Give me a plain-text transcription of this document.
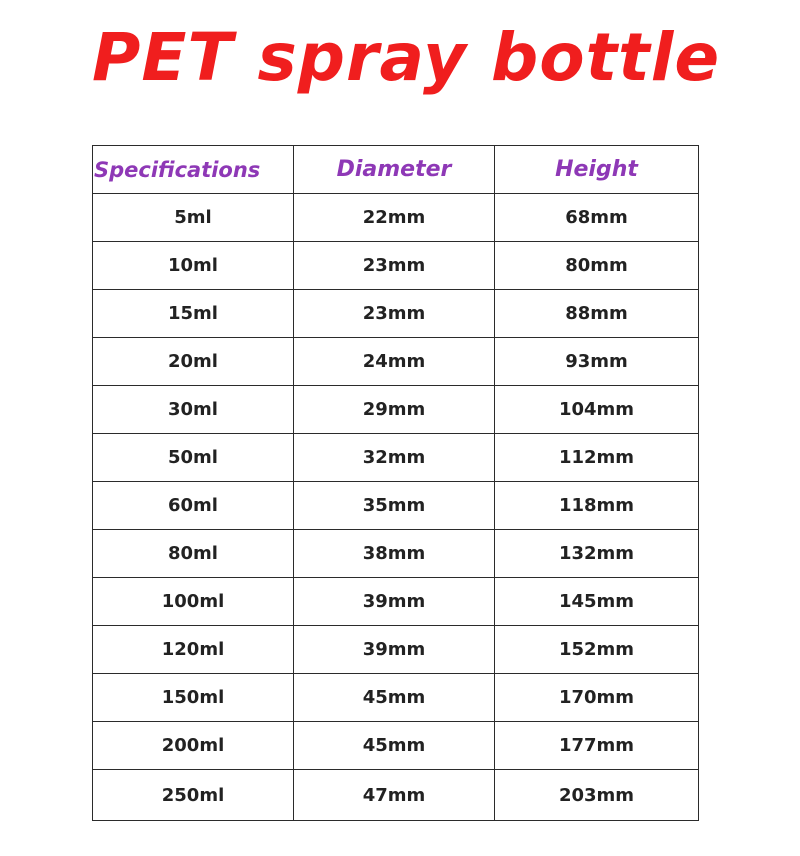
PET spray bottle
Specifications	Diameter	Height
5ml	22mm	68mm
10ml	23mm	80mm
15ml	23mm	88mm
20ml	24mm	93mm
30ml	29mm	104mm
50ml	32mm	112mm
60ml	35mm	118mm
80ml	38mm	132mm
100ml	39mm	145mm
120ml	39mm	152mm
150ml	45mm	170mm
200ml	45mm	177mm
250ml	47mm	203mm
